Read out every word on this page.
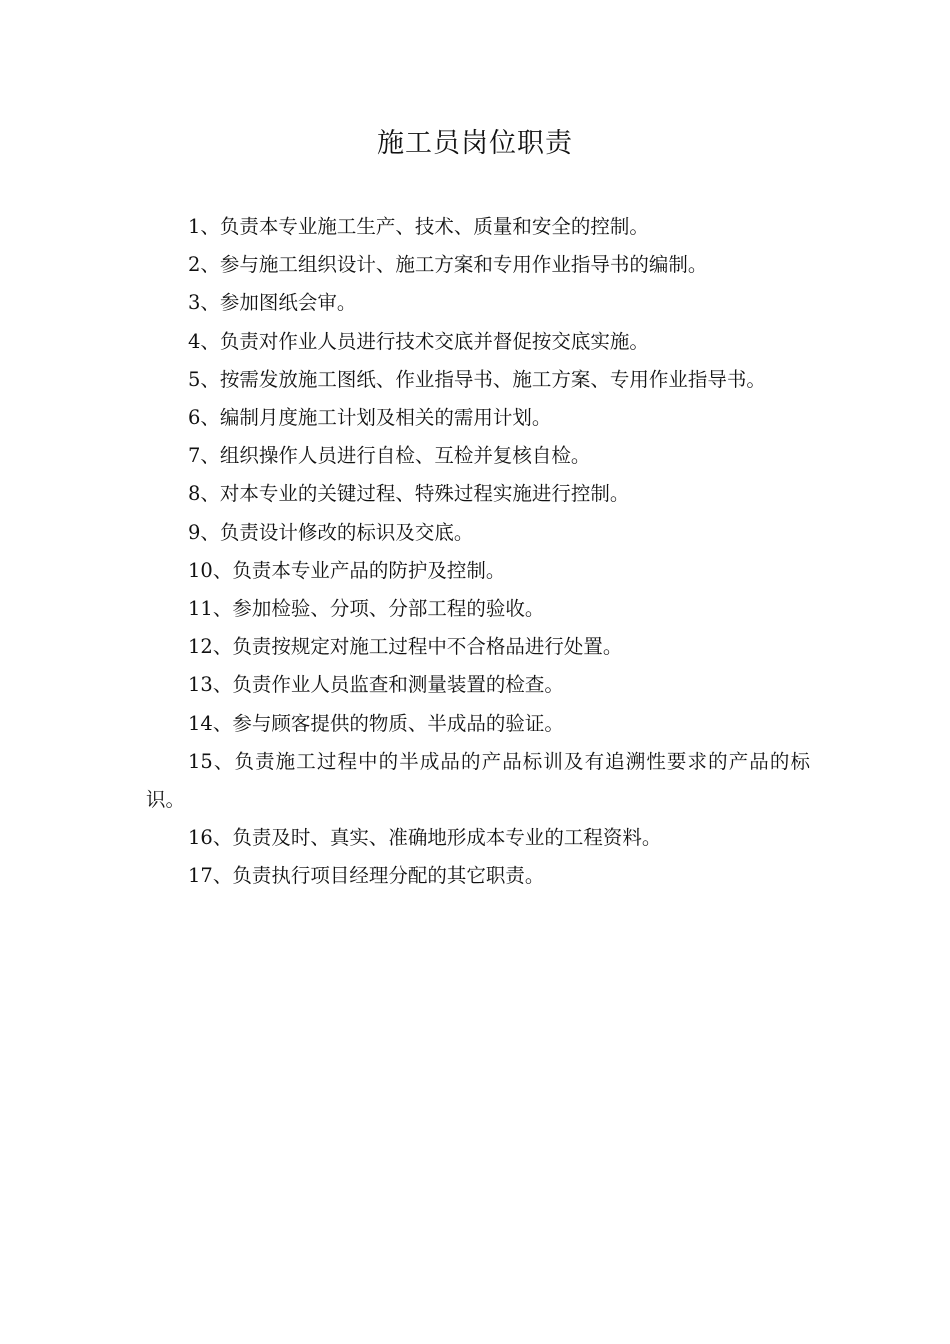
施工员岗位职责

1、负责本专业施工生产、技术、质量和安全的控制。

2、参与施工组织设计、施工方案和专用作业指导书的编制。

3、参加图纸会审。

4、负责对作业人员进行技术交底并督促按交底实施。

5、按需发放施工图纸、作业指导书、施工方案、专用作业指导书。

6、编制月度施工计划及相关的需用计划。

7、组织操作人员进行自检、互检并复核自检。

8、对本专业的关键过程、特殊过程实施进行控制。

9、负责设计修改的标识及交底。

10、负责本专业产品的防护及控制。

11、参加检验、分项、分部工程的验收。

12、负责按规定对施工过程中不合格品进行处置。

13、负责作业人员监查和测量装置的检查。

14、参与顾客提供的物质、半成品的验证。

15、负责施工过程中的半成品的产品标训及有追溯性要求的产品的标识。

16、负责及时、真实、准确地形成本专业的工程资料。

17、负责执行项目经理分配的其它职责。
